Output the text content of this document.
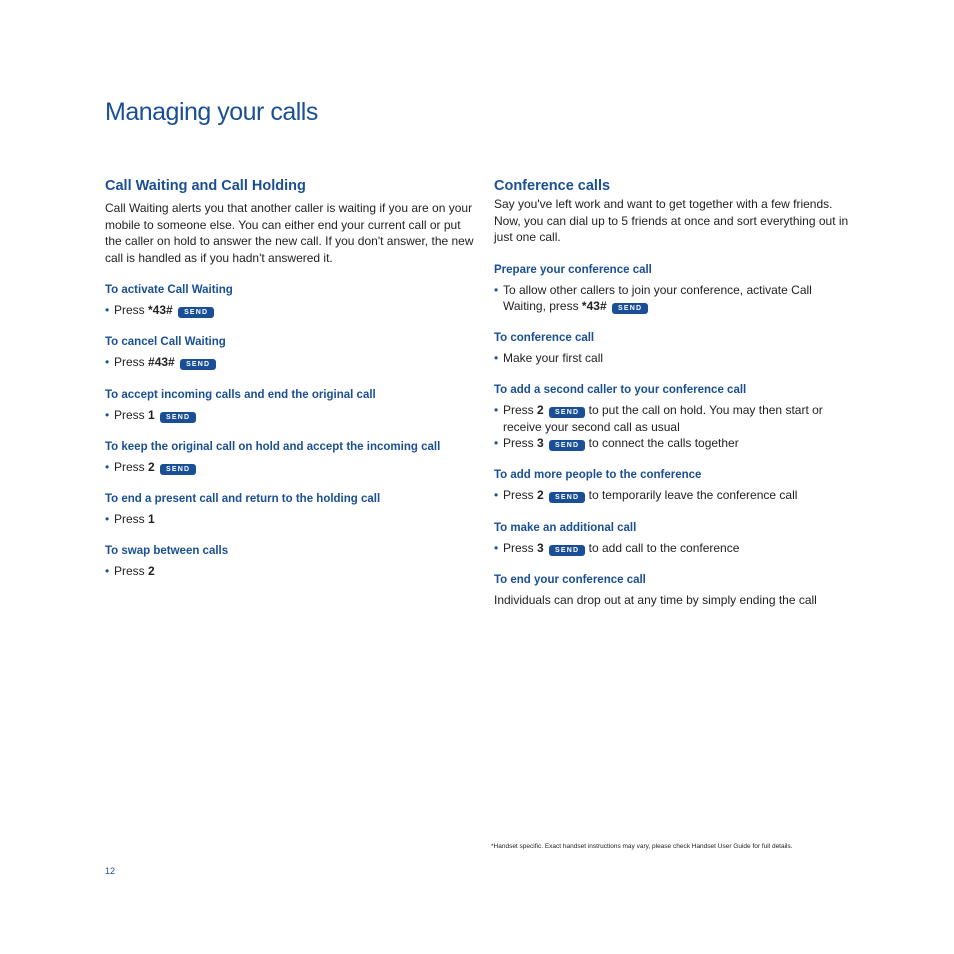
Managing your calls
Call Waiting and Call Holding

Call Waiting alerts you that another caller is waiting if you are on your mobile to someone else. You can either end your current call or put the caller on hold to answer the new call. If you don't answer, the new call is handled as if you hadn't answered it.

To activate Call Waiting
• Press *43# SEND
To cancel Call Waiting
• Press #43# SEND
To accept incoming calls and end the original call
• Press 1 SEND
To keep the original call on hold and accept the incoming call
• Press 2 SEND
To end a present call and return to the holding call
• Press 1
To swap between calls
• Press 2
Conference calls

Say you've left work and want to get together with a few friends. Now, you can dial up to 5 friends at once and sort everything out in just one call.

Prepare your conference call
• To allow other callers to join your conference, activate Call Waiting, press *43# SEND
To conference call
• Make your first call
To add a second caller to your conference call
• Press 2 SEND to put the call on hold. You may then start or receive your second call as usual
• Press 3 SEND to connect the calls together
To add more people to the conference
• Press 2 SEND to temporarily leave the conference call
To make an additional call
• Press 3 SEND to add call to the conference
To end your conference call

Individuals can drop out at any time by simply ending the call

*Handset specific. Exact handset instructions may vary, please check Handset User Guide for full details.

12
